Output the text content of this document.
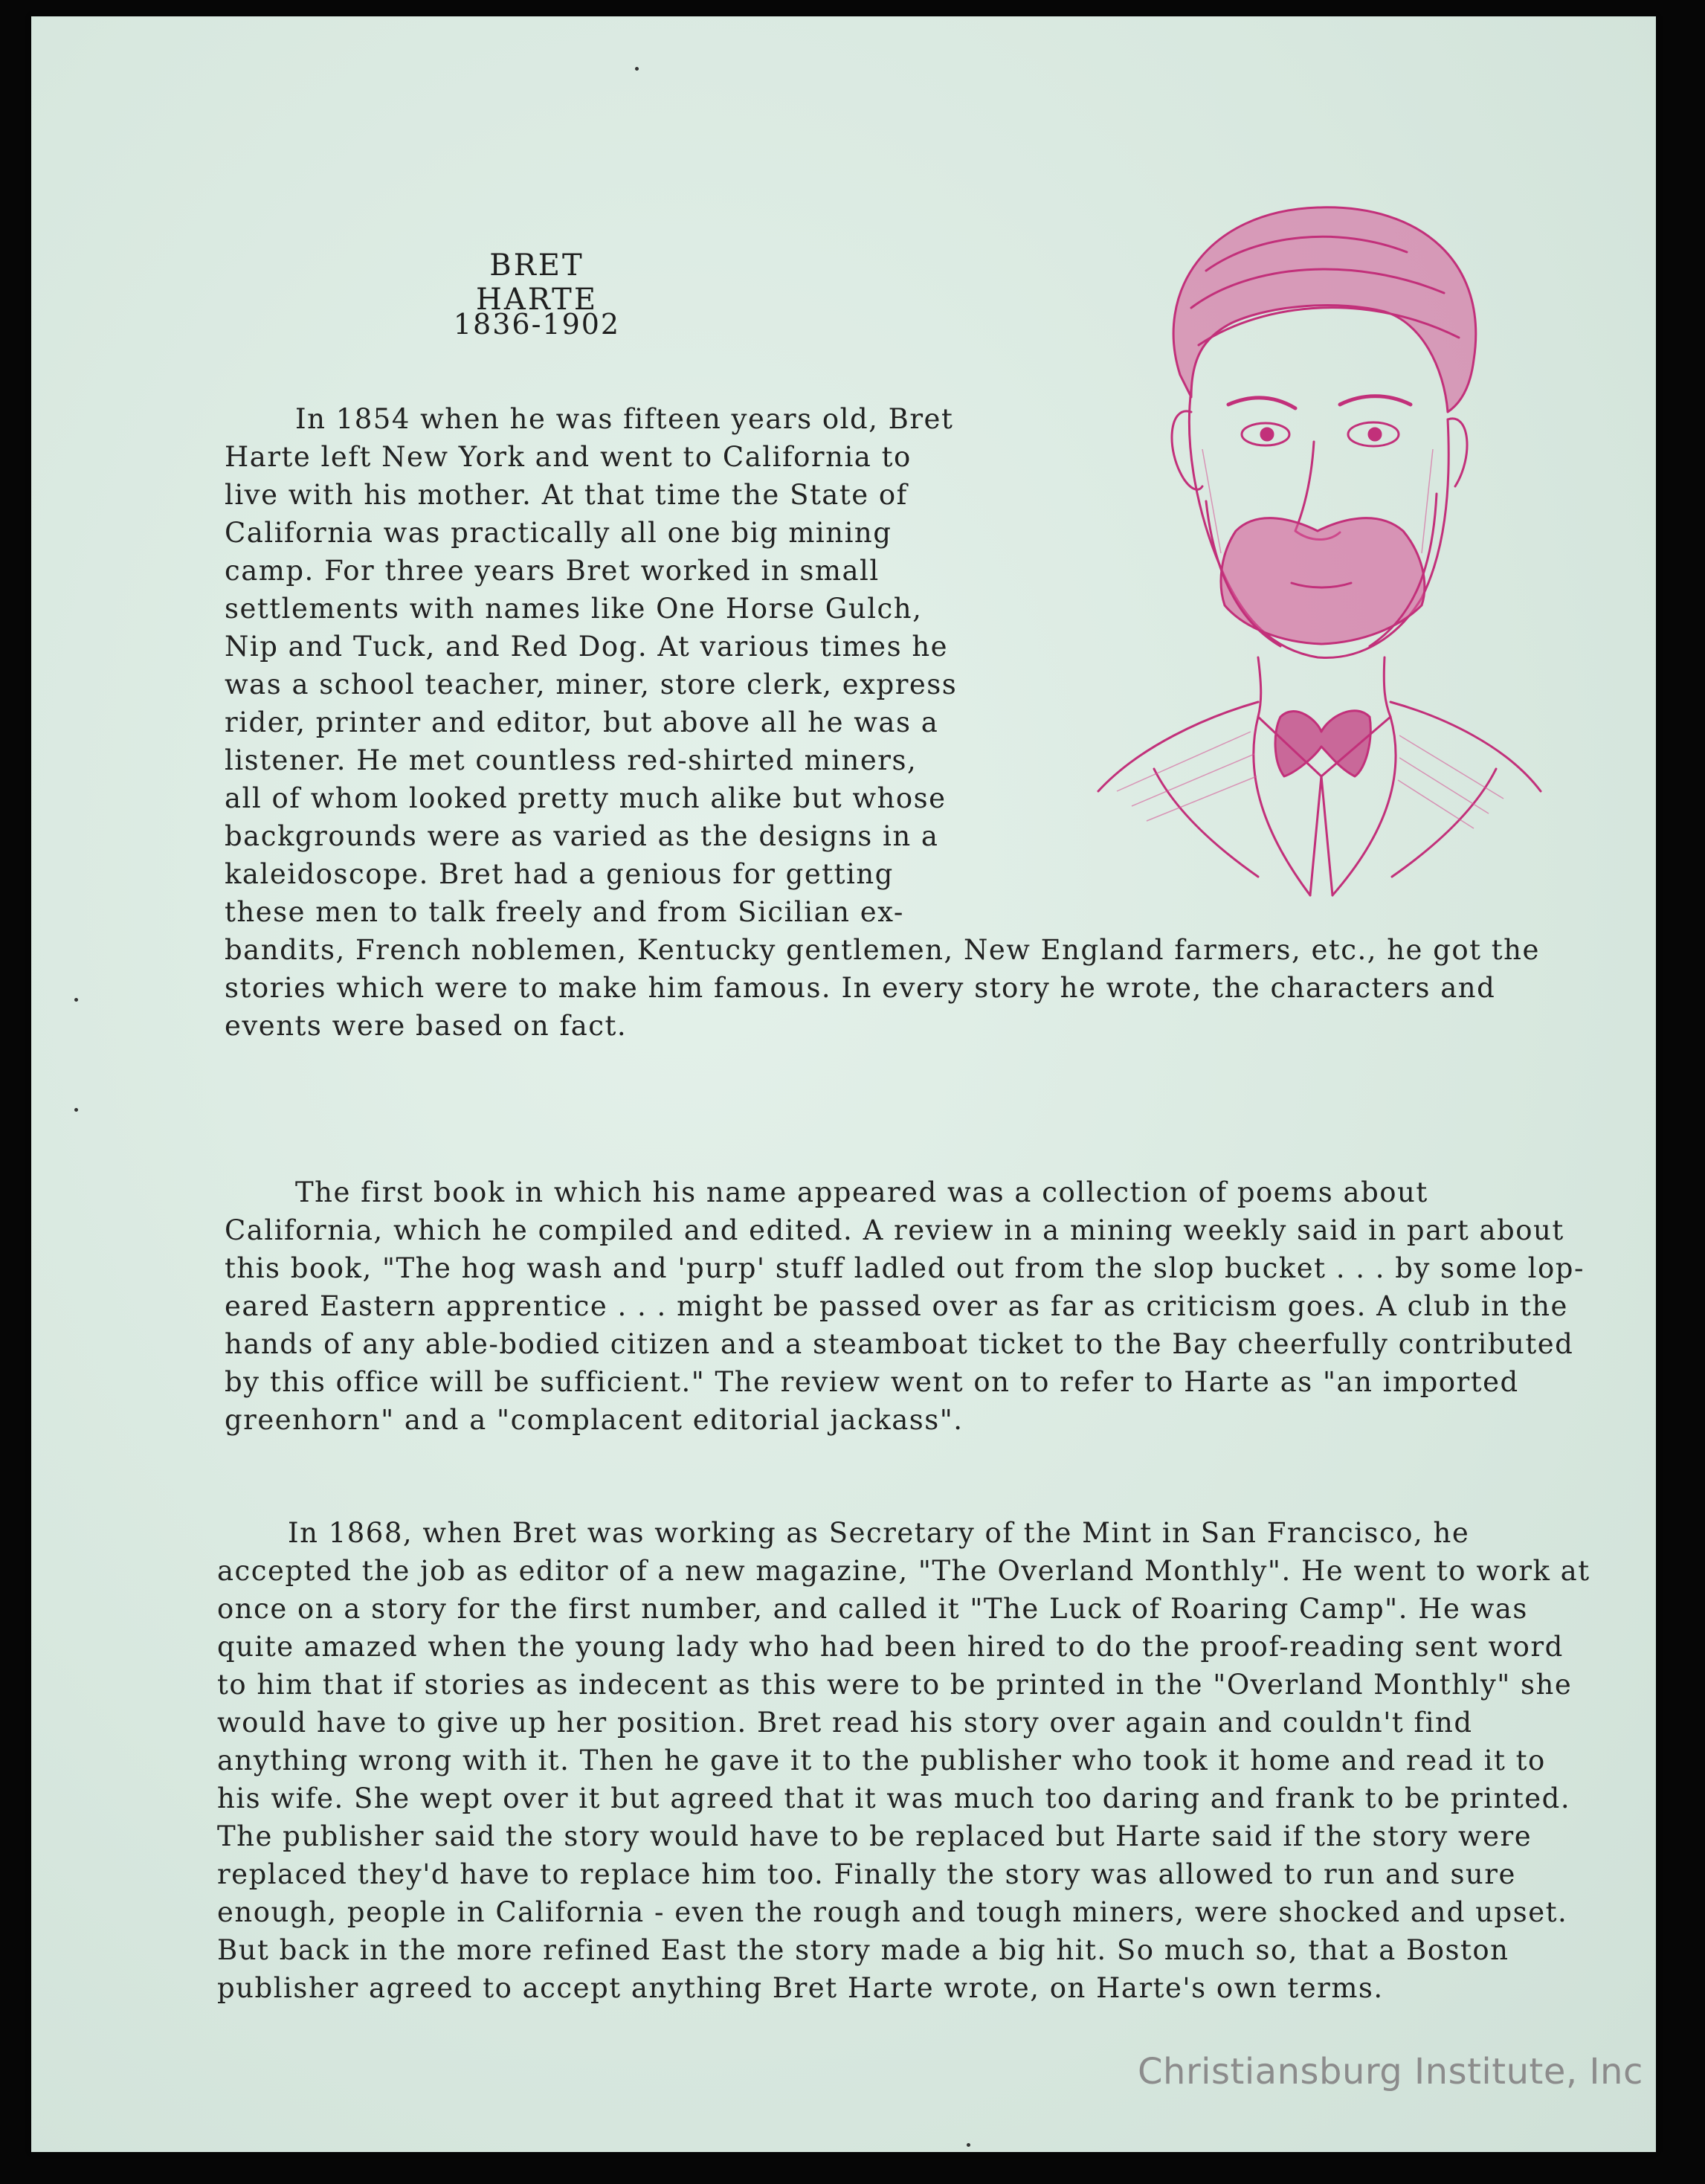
BRET HARTE
1836-1902

In 1854 when he was fifteen years old, Bret Harte left New York and went to California to live with his mother. At that time the State of California was practically all one big mining camp. For three years Bret worked in small settlements with names like One Horse Gulch, Nip and Tuck, and Red Dog. At various times he was a school teacher, miner, store clerk, express rider, printer and editor, but above all he was a listener. He met countless red-shirted miners, all of whom looked pretty much alike but whose backgrounds were as varied as the designs in a kaleidoscope. Bret had a genious for getting these men to talk freely and from Sicilian ex-bandits, French noblemen, Kentucky gentlemen, New England farmers, etc., he got the stories which were to make him famous. In every story he wrote, the characters and events were based on fact.

The first book in which his name appeared was a collection of poems about California, which he compiled and edited. A review in a mining weekly said in part about this book, "The hog wash and 'purp' stuff ladled out from the slop bucket . . . by some lop-eared Eastern apprentice . . . might be passed over as far as criticism goes. A club in the hands of any able-bodied citizen and a steamboat ticket to the Bay cheerfully contributed by this office will be sufficient." The review went on to refer to Harte as "an imported greenhorn" and a "complacent editorial jackass".

In 1868, when Bret was working as Secretary of the Mint in San Francisco, he accepted the job as editor of a new magazine, "The Overland Monthly". He went to work at once on a story for the first number, and called it "The Luck of Roaring Camp". He was quite amazed when the young lady who had been hired to do the proof-reading sent word to him that if stories as indecent as this were to be printed in the "Overland Monthly" she would have to give up her position. Bret read his story over again and couldn't find anything wrong with it. Then he gave it to the publisher who took it home and read it to his wife. She wept over it but agreed that it was much too daring and frank to be printed. The publisher said the story would have to be replaced but Harte said if the story were replaced they'd have to replace him too. Finally the story was allowed to run and sure enough, people in California - even the rough and tough miners, were shocked and upset. But back in the more refined East the story made a big hit. So much so, that a Boston publisher agreed to accept anything Bret Harte wrote, on Harte's own terms.

Christiansburg Institute, Inc
